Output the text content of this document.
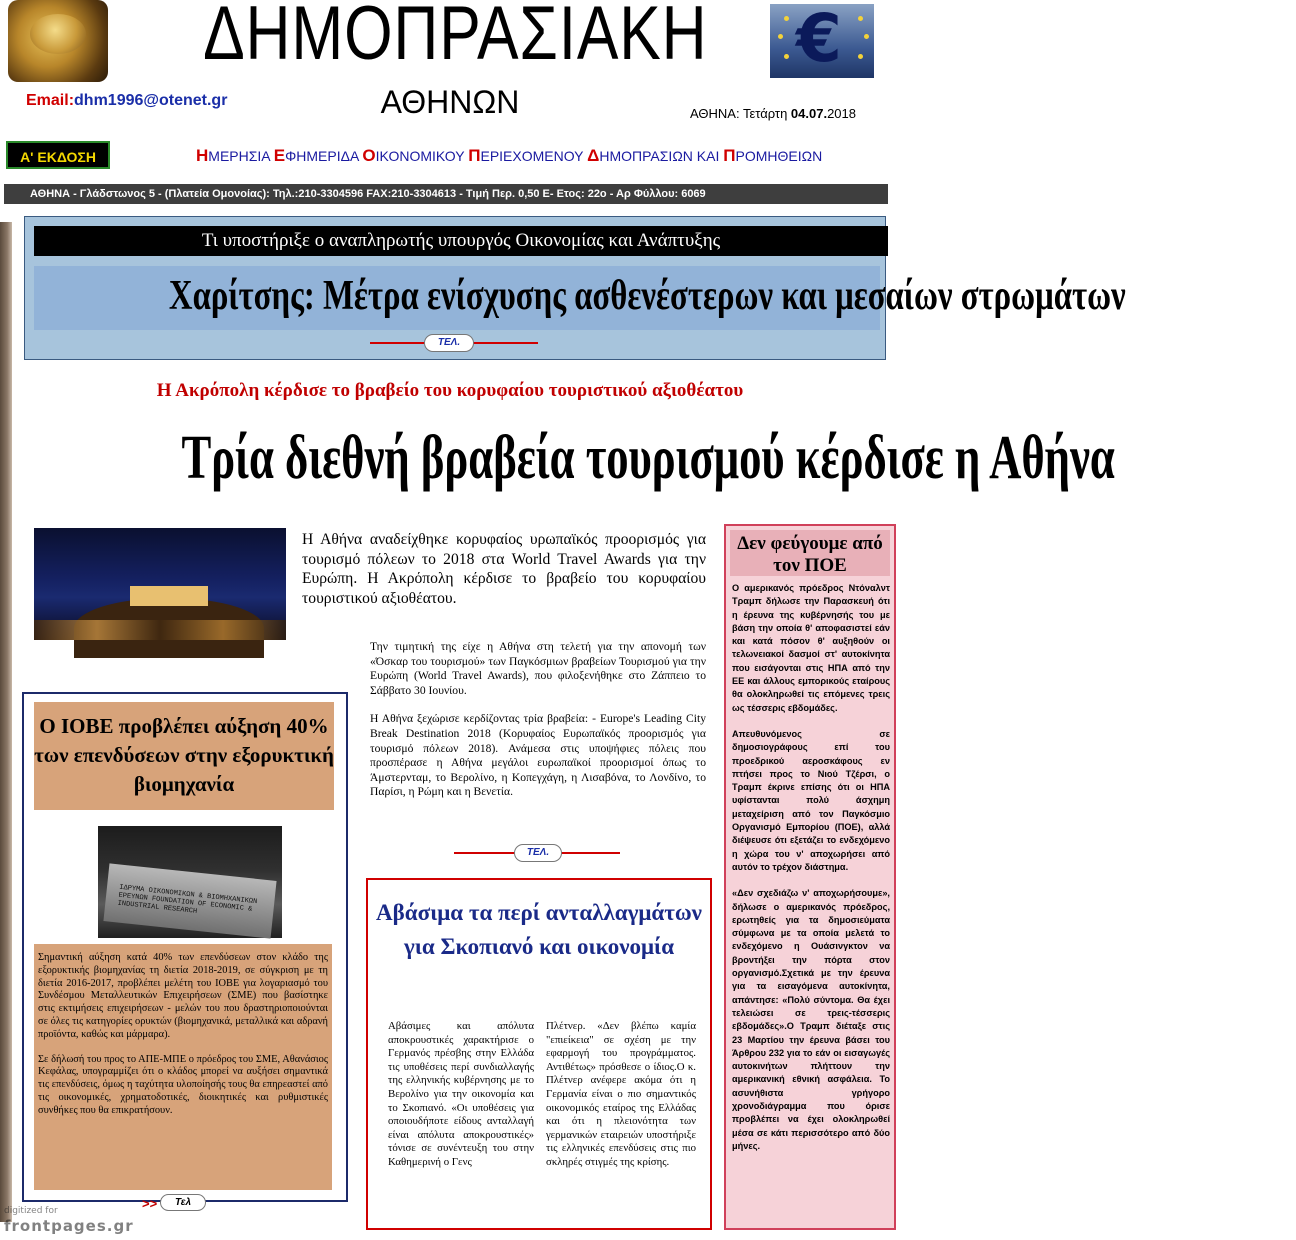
€
ΔΗΜΟΠΡΑΣΙΑΚΗ
ΑΘΗΝΩΝ
Email:dhm1996@otenet.gr
ΑΘΗΝΑ: Τετάρτη 04.07.2018
Α' ΕΚΔΟΣΗ	ΗΜΕΡΗΣΙΑ ΕΦΗΜΕΡΙΔΑ ΟΙΚΟΝΟΜΙΚΟΥ ΠΕΡΙΕΧΟΜΕΝΟΥ ΔΗΜΟΠΡΑΣΙΩΝ ΚΑΙ ΠΡΟΜΗΘΕΙΩΝ
ΑΘΗΝΑ - Γλάδστωνος 5 - (Πλατεία Ομονοίας): Τηλ.:210-3304596 FAX:210-3304613 - Τιμή Περ. 0,50 Ε- Ετος: 22ο - Αρ Φύλλου: 6069
Τι υποστήριξε ο αναπληρωτής υπουργός Οικονομίας και Ανάπτυξης
Χαρίτσης: Μέτρα ενίσχυσης ασθενέστερων και μεσαίων στρωμάτων
ΤΕΛ.
Η Ακρόπολη κέρδισε το βραβείο του κορυφαίου τουριστικού αξιοθέατου
Τρία διεθνή βραβεία τουρισμού κέρδισε η Αθήνα
Η Αθήνα αναδείχθηκε κορυφαίος υρωπαϊκός προορισμός για τουρισμό πόλεων το 2018 στα World Travel Awards για την Ευρώπη. Η Ακρόπολη κέρδισε το βραβείο του κορυφαίου τουριστικού αξιοθέατου.

Την τιμητική της είχε η Αθήνα στη τελετή για την απονομή των «Όσκαρ του τουρισμού» των Παγκόσμιων βραβείων Τουρισμού για την Ευρώπη (World Travel Awards), που φιλοξενήθηκε στο Ζάππειο το Σάββατο 30 Ιουνίου.

Η Αθήνα ξεχώρισε κερδίζοντας τρία βραβεία: - Europe's Leading City Break Destination 2018 (Κορυφαίος Ευρωπαϊκός προορισμός για τουρισμό πόλεων 2018). Ανάμεσα στις υποψήφιες πόλεις που προσπέρασε η Αθήνα μεγάλοι ευρωπαϊκοί προορισμοί όπως το Άμστερνταμ, το Βερολίνο, η Κοπεγχάγη, η Λισαβόνα, το Λονδίνο, το Παρίσι, η Ρώμη και η Βενετία.

ΤΕΛ.
Δεν φεύγουμε από τον ΠΟΕ

Ο αμερικανός πρόεδρος Ντόναλντ Τραμπ δήλωσε την Παρασκευή ότι η έρευνα της κυβέρνησής του με βάση την οποία θ' αποφασιστεί εάν και κατά πόσον θ' αυξηθούν οι τελωνειακοί δασμοί στ' αυτοκίνητα που εισάγονται στις ΗΠΑ από την ΕΕ και άλλους εμπορικούς εταίρους θα ολοκληρωθεί τις επόμενες τρεις ως τέσσερις εβδομάδες.

Απευθυνόμενος σε δημοσιογράφους επί του προεδρικού αεροσκάφους εν πτήσει προς το Νιού Τζέρσι, ο Τραμπ έκρινε επίσης ότι οι ΗΠΑ υφίστανται πολύ άσχημη μεταχείριση από τον Παγκόσμιο Οργανισμό Εμπορίου (ΠΟΕ), αλλά διέψευσε ότι εξετάζει το ενδεχόμενο η χώρα του ν' αποχωρήσει από αυτόν το τρέχον διάστημα.

«Δεν σχεδιάζω ν' αποχωρήσουμε», δήλωσε ο αμερικανός πρόεδρος, ερωτηθείς για τα δημοσιεύματα σύμφωνα με τα οποία μελετά το ενδεχόμενο η Ουάσινγκτον να βροντήξει την πόρτα στον οργανισμό.Σχετικά με την έρευνα για τα εισαγόμενα αυτοκίνητα, απάντησε: «Πολύ σύντομα. Θα έχει τελειώσει σε τρεις-τέσσερις εβδομάδες».Ο Τραμπ διέταξε στις 23 Μαρτίου την έρευνα βάσει του Άρθρου 232 για το εάν οι εισαγωγές αυτοκινήτων πλήττουν την αμερικανική εθνική ασφάλεια. Το ασυνήθιστα γρήγορο χρονοδιάγραμμα που όρισε προβλέπει να έχει ολοκληρωθεί μέσα σε κάτι περισσότερο από δύο μήνες.

Ο ΙΟΒΕ προβλέπει αύξηση 40% των επενδύσεων στην εξορυκτική βιομηχανία
ΙΔΡΥΜΑ ΟΙΚΟΝΟΜΙΚΩΝ & ΒΙΟΜΗΧΑΝΙΚΩΝ ΕΡΕΥΝΩΝ FOUNDATION OF ECONOMIC & INDUSTRIAL RESEARCH

Σημαντική αύξηση κατά 40% των επενδύσεων στον κλάδο της εξορυκτικής βιομηχανίας τη διετία 2018-2019, σε σύγκριση με τη διετία 2016-2017, προβλέπει μελέτη του ΙΟΒΕ για λογαριασμό του Συνδέσμου Μεταλλευτικών Επιχειρήσεων (ΣΜΕ) που βασίστηκε στις εκτιμήσεις επιχειρήσεων - μελών του που δραστηριοποιούνται σε όλες τις κατηγορίες ορυκτών (βιομηχανικά, μεταλλικά και αδρανή προϊόντα, καθώς και μάρμαρα).

Σε δήλωσή του προς το ΑΠΕ-ΜΠΕ ο πρόεδρος του ΣΜΕ, Αθανάσιος Κεφάλας, υπογραμμίζει ότι ο κλάδος μπορεί να αυξήσει σημαντικά τις επενδύσεις, όμως η ταχύτητα υλοποίησής τους θα επηρεαστεί από τις οικονομικές, χρηματοδοτικές, διοικητικές και ρυθμιστικές συνθήκες που θα επικρατήσουν.

>>	Τελ
Αβάσιμα τα περί ανταλλαγμάτων για Σκοπιανό και οικονομία
Αβάσιμες και απόλυτα αποκρουστικές χαρακτήρισε ο Γερμανός πρέσβης στην Ελλάδα τις υποθέσεις περί συνδιαλλαγής της ελληνικής κυβέρνησης με το Βερολίνο για την οικονομία και το Σκοπιανό. «Οι υποθέσεις για οποιουδήποτε είδους ανταλλαγή είναι απόλυτα αποκρουστικές» τόνισε σε συνέντευξη του στην Καθημερινή ο Γενς
Πλέτνερ. «Δεν βλέπω καμία "επιείκεια" σε σχέση με την εφαρμογή του προγράμματος. Αντιθέτως» πρόσθεσε ο ίδιος.Ο κ. Πλέτνερ ανέφερε ακόμα ότι η Γερμανία είναι ο πιο σημαντικός οικονομικός εταίρος της Ελλάδας και ότι η πλειονότητα των γερμανικών εταιρειών υποστήριξε τις ελληνικές επενδύσεις στις πιο σκληρές στιγμές της κρίσης.
digitized for
frontpages.gr
